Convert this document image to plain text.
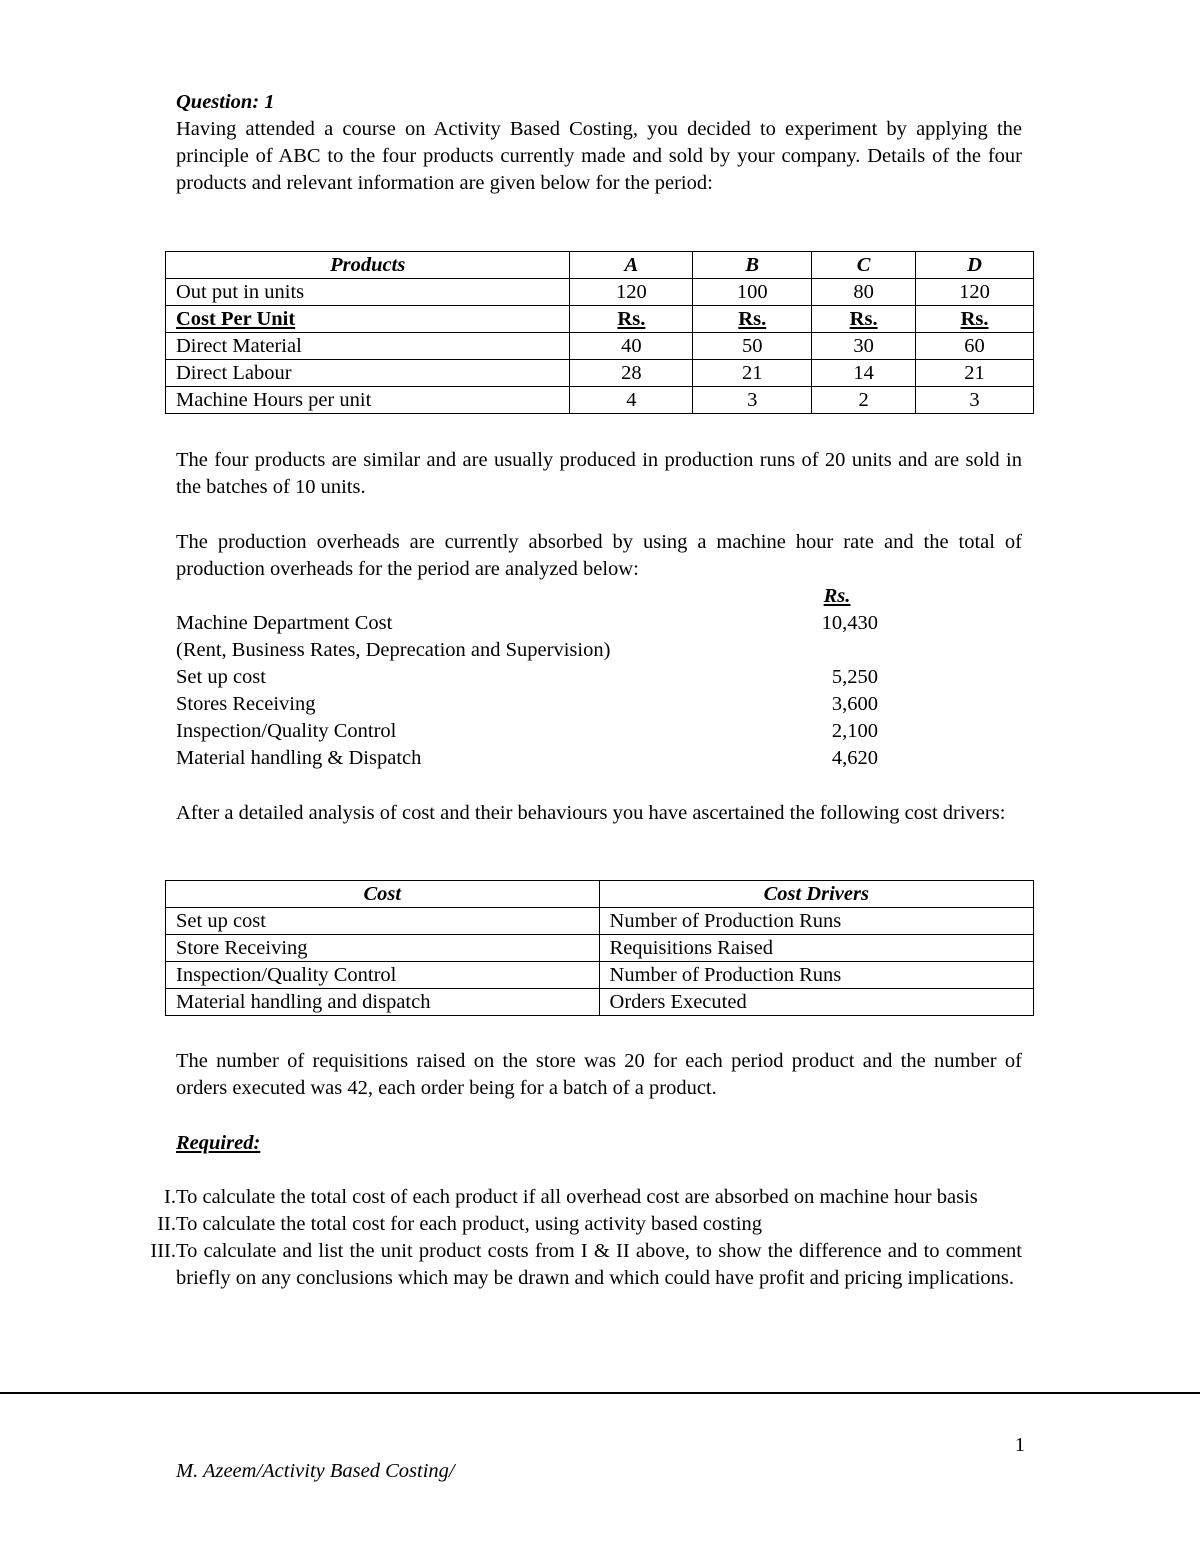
Question: 1

Having attended a course on Activity Based Costing, you decided to experiment by applying the principle of ABC to the four products currently made and sold by your company. Details of the four products and relevant information are given below for the period:

Products	A	B	C	D
Out put in units	120	100	80	120
Cost Per Unit	Rs.	Rs.	Rs.	Rs.
Direct Material	40	50	30	60
Direct Labour	28	21	14	21
Machine Hours per unit	4	3	2	3

The four products are similar and are usually produced in production runs of 20 units and are sold in the batches of 10 units.

The production overheads are currently absorbed by using a machine hour rate and the total of production overheads for the period are analyzed below:

Rs.
Machine Department Cost	10,430
(Rent, Business Rates, Deprecation and Supervision)
Set up cost	5,250
Stores Receiving	3,600
Inspection/Quality Control	2,100
Material handling & Dispatch	4,620

After a detailed analysis of cost and their behaviours you have ascertained the following cost drivers:

Cost	Cost Drivers
Set up cost	Number of Production Runs
Store Receiving	Requisitions Raised
Inspection/Quality Control	Number of Production Runs
Material handling and dispatch	Orders Executed

The number of requisitions raised on the store was 20 for each period product and the number of orders executed was 42, each order being for a batch of a product.

Required:
I. To calculate the total cost of each product if all overhead cost are absorbed on machine hour basis
II. To calculate the total cost for each product, using activity based costing
III. To calculate and list the unit product costs from I & II above, to show the difference and to comment briefly on any conclusions which may be drawn and which could have profit and pricing implications.
1
M. Azeem/Activity Based Costing/
